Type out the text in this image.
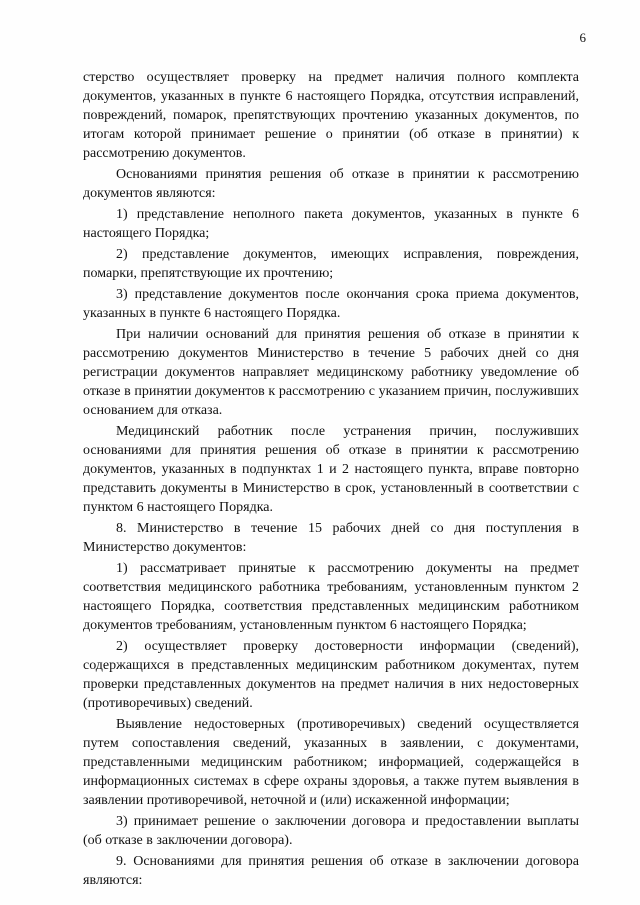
6

стерство осуществляет проверку на предмет наличия полного комплекта документов, указанных в пункте 6 настоящего Порядка, отсутствия исправлений, повреждений, помарок, препятствующих прочтению указанных документов, по итогам которой принимает решение о принятии (об отказе в принятии) к рассмотрению документов.

Основаниями принятия решения об отказе в принятии к рассмотрению документов являются:

1) представление неполного пакета документов, указанных в пункте 6 настоящего Порядка;

2) представление документов, имеющих исправления, повреждения, помарки, препятствующие их прочтению;

3) представление документов после окончания срока приема документов, указанных в пункте 6 настоящего Порядка.

При наличии оснований для принятия решения об отказе в принятии к рассмотрению документов Министерство в течение 5 рабочих дней со дня регистрации документов направляет медицинскому работнику уведомление об отказе в принятии документов к рассмотрению с указанием причин, послуживших основанием для отказа.

Медицинский работник после устранения причин, послуживших основаниями для принятия решения об отказе в принятии к рассмотрению документов, указанных в подпунктах 1 и 2 настоящего пункта, вправе повторно представить документы в Министерство в срок, установленный в соответствии с пунктом 6 настоящего Порядка.

8. Министерство в течение 15 рабочих дней со дня поступления в Министерство документов:

1) рассматривает принятые к рассмотрению документы на предмет соответствия медицинского работника требованиям, установленным пунктом 2 настоящего Порядка, соответствия представленных медицинским работником документов требованиям, установленным пунктом 6 настоящего Порядка;

2) осуществляет проверку достоверности информации (сведений), содержащихся в представленных медицинским работником документах, путем проверки представленных документов на предмет наличия в них недостоверных (противоречивых) сведений.

Выявление недостоверных (противоречивых) сведений осуществляется путем сопоставления сведений, указанных в заявлении, с документами, представленными медицинским работником; информацией, содержащейся в информационных системах в сфере охраны здоровья, а также путем выявления в заявлении противоречивой, неточной и (или) искаженной информации;

3) принимает решение о заключении договора и предоставлении выплаты (об отказе в заключении договора).

9. Основаниями для принятия решения об отказе в заключении договора являются:
